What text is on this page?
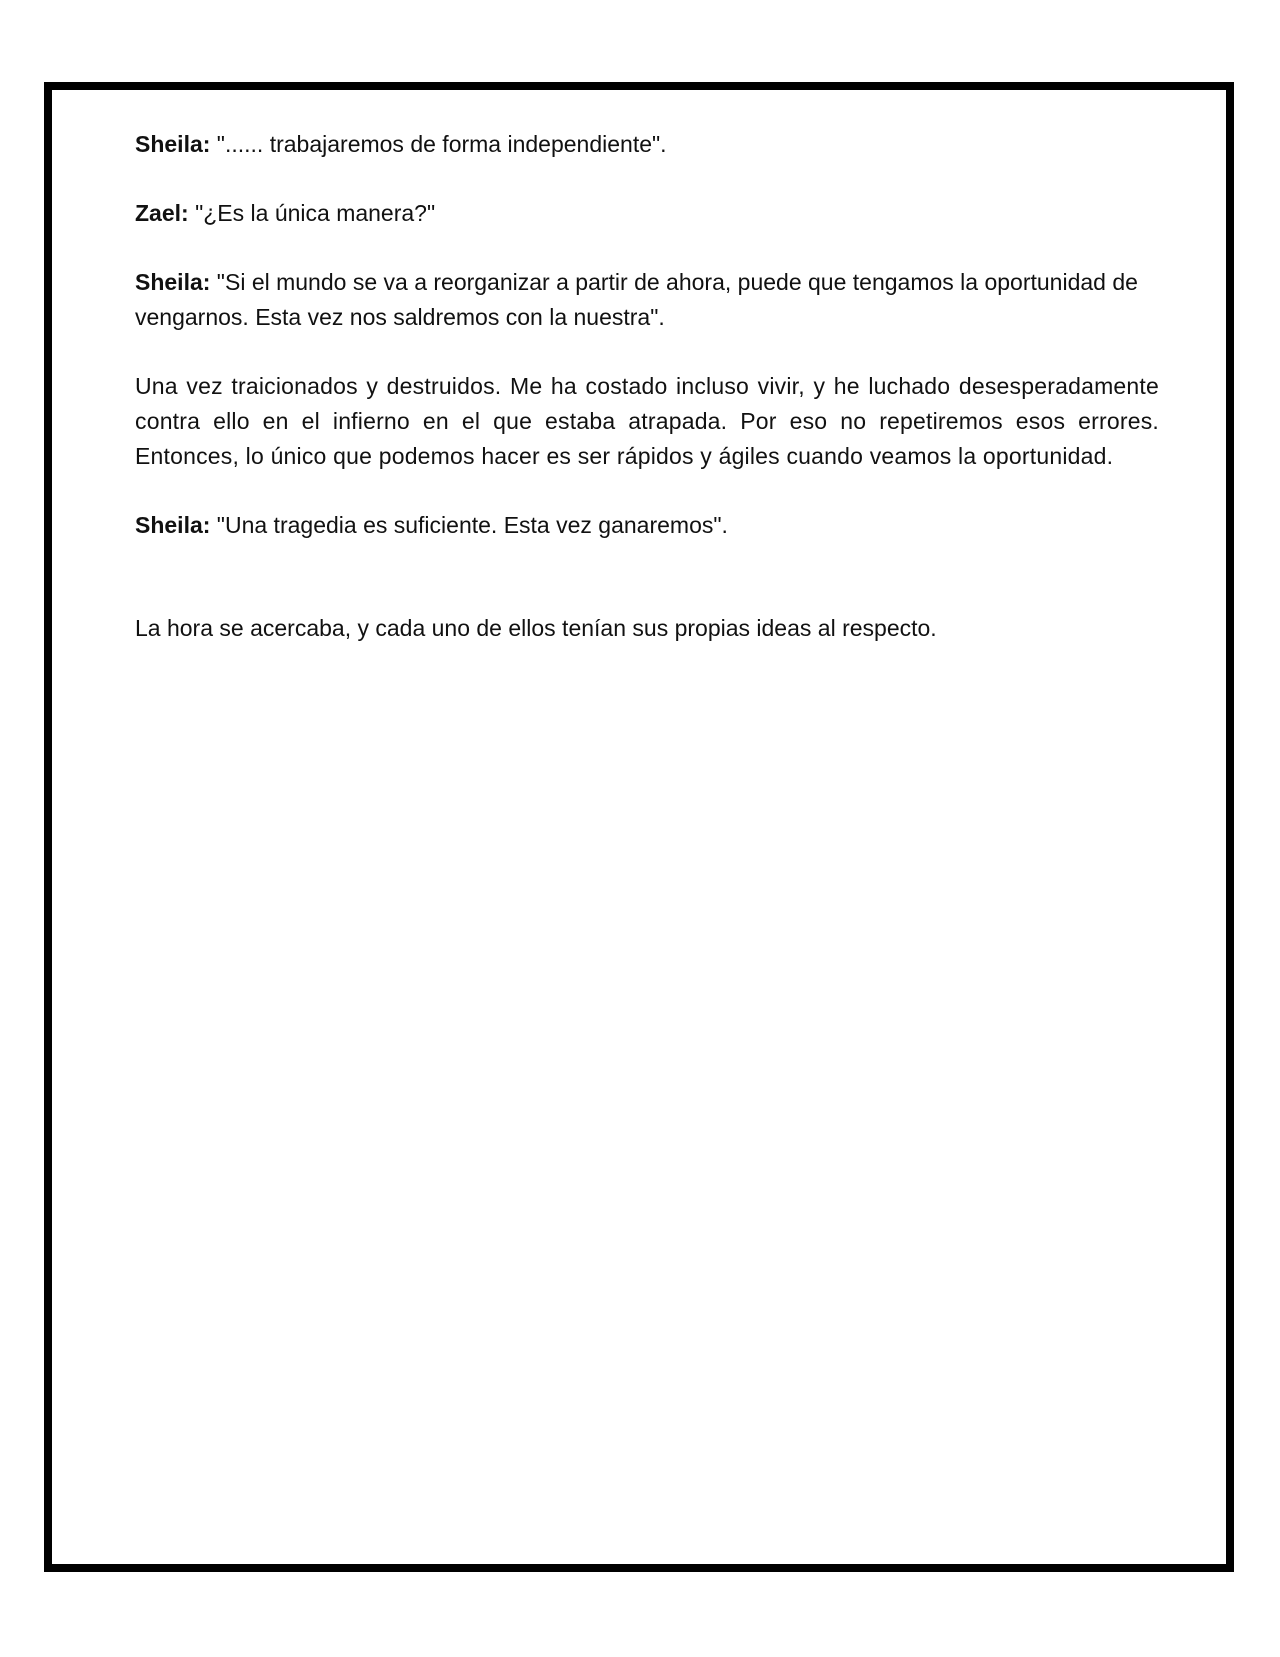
Sheila: "...... trabajaremos de forma independiente".

Zael: "¿Es la única manera?"

Sheila: "Si el mundo se va a reorganizar a partir de ahora, puede que tengamos la oportunidad de vengarnos. Esta vez nos saldremos con la nuestra".

Una vez traicionados y destruidos. Me ha costado incluso vivir, y he luchado desesperadamente contra ello en el infierno en el que estaba atrapada. Por eso no repetiremos esos errores. Entonces, lo único que podemos hacer es ser rápidos y ágiles cuando veamos la oportunidad.

Sheila: "Una tragedia es suficiente. Esta vez ganaremos".

La hora se acercaba, y cada uno de ellos tenían sus propias ideas al respecto.
